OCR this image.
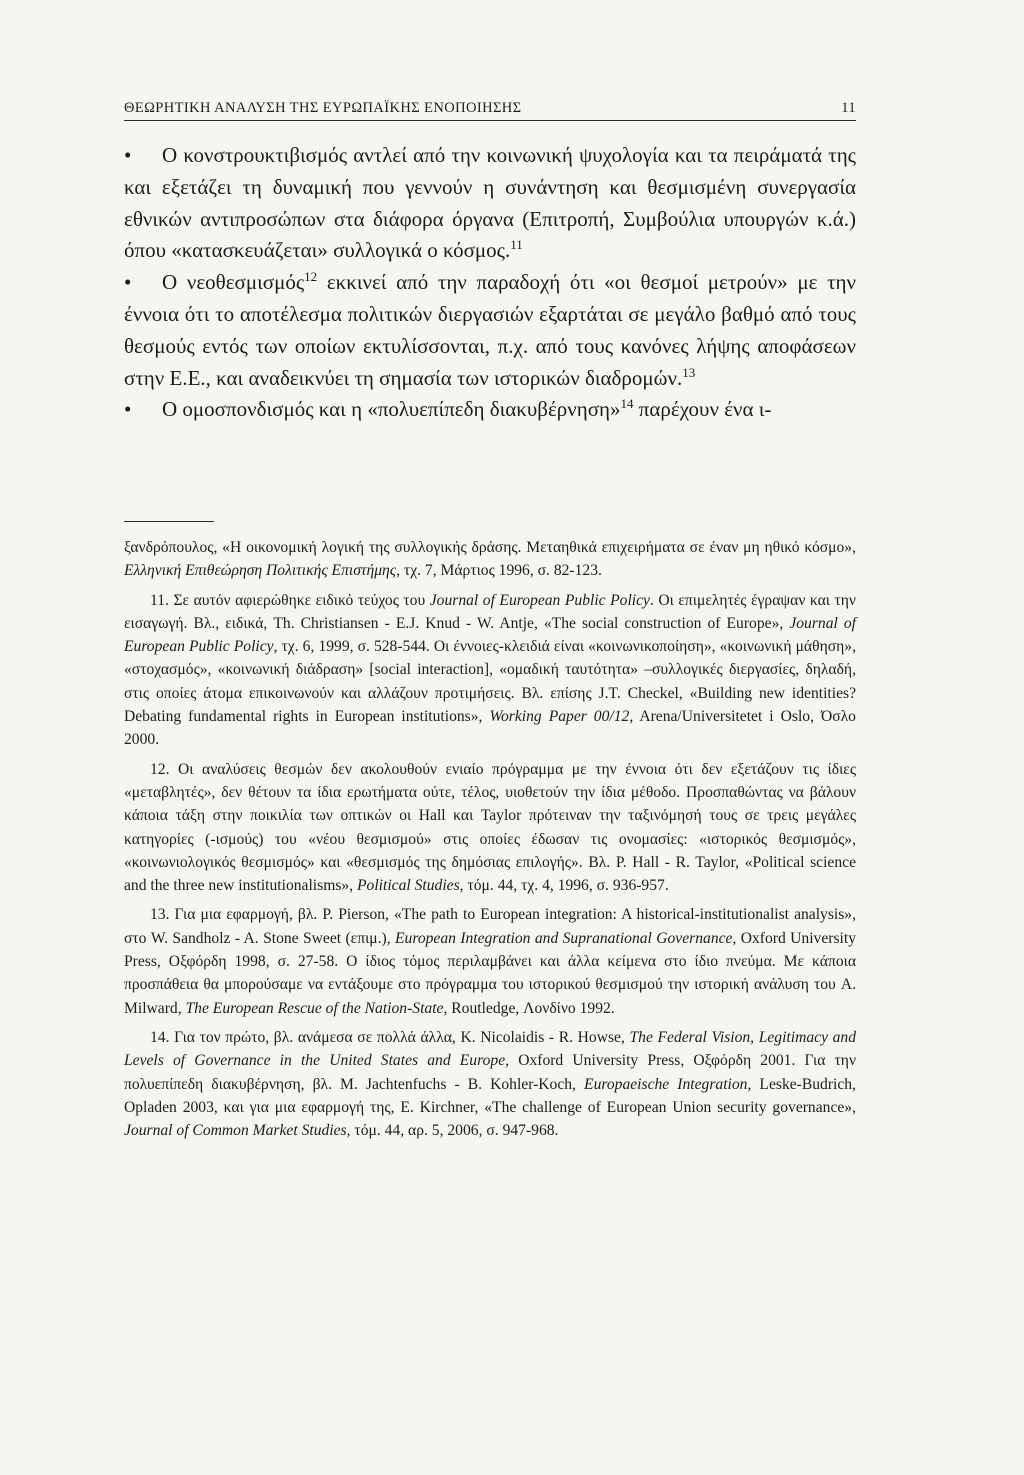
ΘΕΩΡΗΤΙΚΗ ΑΝΑΛΥΣΗ ΤΗΣ ΕΥΡΩΠΑΪΚΗΣ ΕΝΟΠΟΙΗΣΗΣ	11

• Ο κονστρουκτιβισμός αντλεί από την κοινωνική ψυχολογία και τα πειράματά της και εξετάζει τη δυναμική που γεννούν η συνάντηση και θεσμισμένη συνεργασία εθνικών αντιπροσώπων στα διάφορα όργανα (Επιτροπή, Συμβούλια υπουργών κ.ά.) όπου «κατασκευάζεται» συλλογικά ο κόσμος.$^{11}$

• Ο νεοθεσμισμός$^{12}$ εκκινεί από την παραδοχή ότι «οι θεσμοί μετρούν» με την έννοια ότι το αποτέλεσμα πολιτικών διεργασιών εξαρτάται σε μεγάλο βαθμό από τους θεσμούς εντός των οποίων εκτυλίσσονται, π.χ. από τους κανόνες λήψης αποφάσεων στην Ε.Ε., και αναδεικνύει τη σημασία των ιστορικών διαδρομών.$^{13}$

• Ο ομοσπονδισμός και η «πολυεπίπεδη διακυβέρνηση»$^{14}$ παρέχουν ένα ι-

ξανδρόπουλος, «Η οικονομική λογική της συλλογικής δράσης. Μεταηθικά επιχειρήματα σε έναν μη ηθικό κόσμο», Ελληνική Επιθεώρηση Πολιτικής Επιστήμης, τχ. 7, Μάρτιος 1996, σ. 82-123.

11. Σε αυτόν αφιερώθηκε ειδικό τεύχος του Journal of European Public Policy. Οι επιμελητές έγραψαν και την εισαγωγή. Βλ., ειδικά, Th. Christiansen - E.J. Knud - W. Antje, «The social construction of Europe», Journal of European Public Policy, τχ. 6, 1999, σ. 528-544. Οι έννοιες-κλειδιά είναι «κοινωνικοποίηση», «κοινωνική μάθηση», «στοχασμός», «κοινωνική διάδραση» [social interaction], «ομαδική ταυτότητα» –συλλογικές διεργασίες, δηλαδή, στις οποίες άτομα επικοινωνούν και αλλάζουν προτιμήσεις. Βλ. επίσης J.T. Checkel, «Building new identities? Debating fundamental rights in European institutions», Working Paper 00/12, Arena/Universitetet i Oslo, Όσλο 2000.

12. Οι αναλύσεις θεσμών δεν ακολουθούν ενιαίο πρόγραμμα με την έννοια ότι δεν εξετάζουν τις ίδιες «μεταβλητές», δεν θέτουν τα ίδια ερωτήματα ούτε, τέλος, υιοθετούν την ίδια μέθοδο. Προσπαθώντας να βάλουν κάποια τάξη στην ποικιλία των οπτικών οι Hall και Taylor πρότειναν την ταξινόμησή τους σε τρεις μεγάλες κατηγορίες (-ισμούς) του «νέου θεσμισμού» στις οποίες έδωσαν τις ονομασίες: «ιστορικός θεσμισμός», «κοινωνιολογικός θεσμισμός» και «θεσμισμός της δημόσιας επιλογής». Βλ. P. Hall - R. Taylor, «Political science and the three new institutionalisms», Political Studies, τόμ. 44, τχ. 4, 1996, σ. 936-957.

13. Για μια εφαρμογή, βλ. P. Pierson, «The path to European integration: A historical-institutionalist analysis», στο W. Sandholz - A. Stone Sweet (επιμ.), European Integration and Supranational Governance, Oxford University Press, Οξφόρδη 1998, σ. 27-58. Ο ίδιος τόμος περιλαμβάνει και άλλα κείμενα στο ίδιο πνεύμα. Με κάποια προσπάθεια θα μπορούσαμε να εντάξουμε στο πρόγραμμα του ιστορικού θεσμισμού την ιστορική ανάλυση του A. Milward, The European Rescue of the Nation-State, Routledge, Λονδίνο 1992.

14. Για τον πρώτο, βλ. ανάμεσα σε πολλά άλλα, K. Nicolaidis - R. Howse, The Federal Vision, Legitimacy and Levels of Governance in the United States and Europe, Oxford University Press, Οξφόρδη 2001. Για την πολυεπίπεδη διακυβέρνηση, βλ. M. Jachtenfuchs - B. Kohler-Koch, Europaeische Integration, Leske-Budrich, Opladen 2003, και για μια εφαρμογή της, E. Kirchner, «The challenge of European Union security governance», Journal of Common Market Studies, τόμ. 44, αρ. 5, 2006, σ. 947-968.
